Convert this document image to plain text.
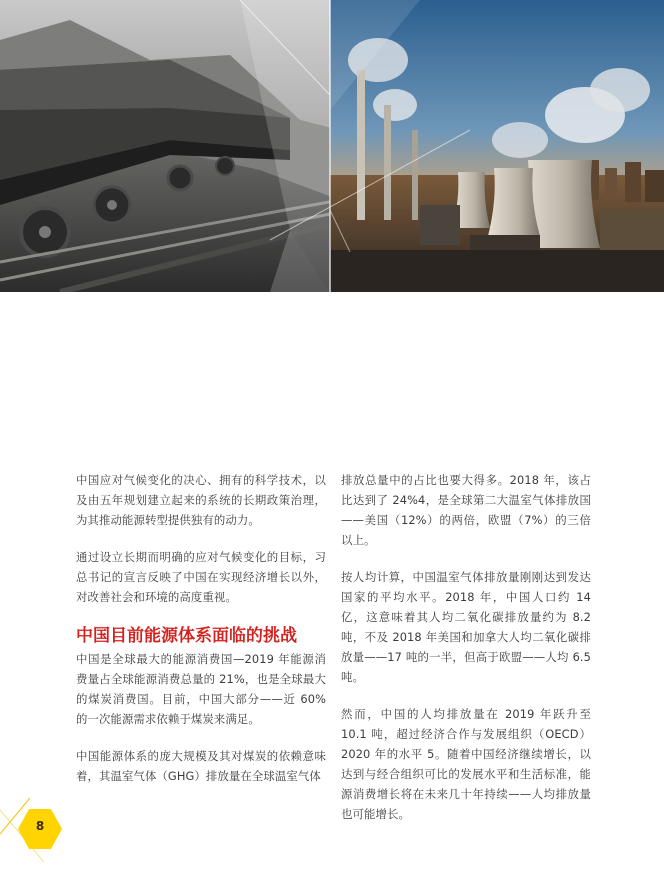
中国应对气候变化的决心、拥有的科学技术，以及由五年规划建立起来的系统的长期政策治理，为其推动能源转型提供独有的动力。

通过设立长期而明确的应对气候变化的目标，习总书记的宣言反映了中国在实现经济增长以外，对改善社会和环境的高度重视。

中国目前能源体系面临的挑战

中国是全球最大的能源消费国—2019 年能源消费量占全球能源消费总量的 21%，也是全球最大的煤炭消费国。目前，中国大部分——近 60% 的一次能源需求依赖于煤炭来满足。

中国能源体系的庞大规模及其对煤炭的依赖意味着，其温室气体（GHG）排放量在全球温室气体

排放总量中的占比也要大得多。2018 年，该占比达到了 24%4，是全球第二大温室气体排放国——美国（12%）的两倍，欧盟（7%）的三倍以上。

按人均计算，中国温室气体排放量刚刚达到发达国家的平均水平。2018 年，中国人口约 14 亿，这意味着其人均二氧化碳排放量约为 8.2 吨，不及 2018 年美国和加拿大人均二氧化碳排放量——17 吨的一半，但高于欧盟——人均 6.5 吨。

然而，中国的人均排放量在 2019 年跃升至 10.1 吨，超过经济合作与发展组织（OECD）2020 年的水平 5。随着中国经济继续增长，以达到与经合组织可比的发展水平和生活标准，能源消费增长将在未来几十年持续——人均排放量也可能增长。

8
